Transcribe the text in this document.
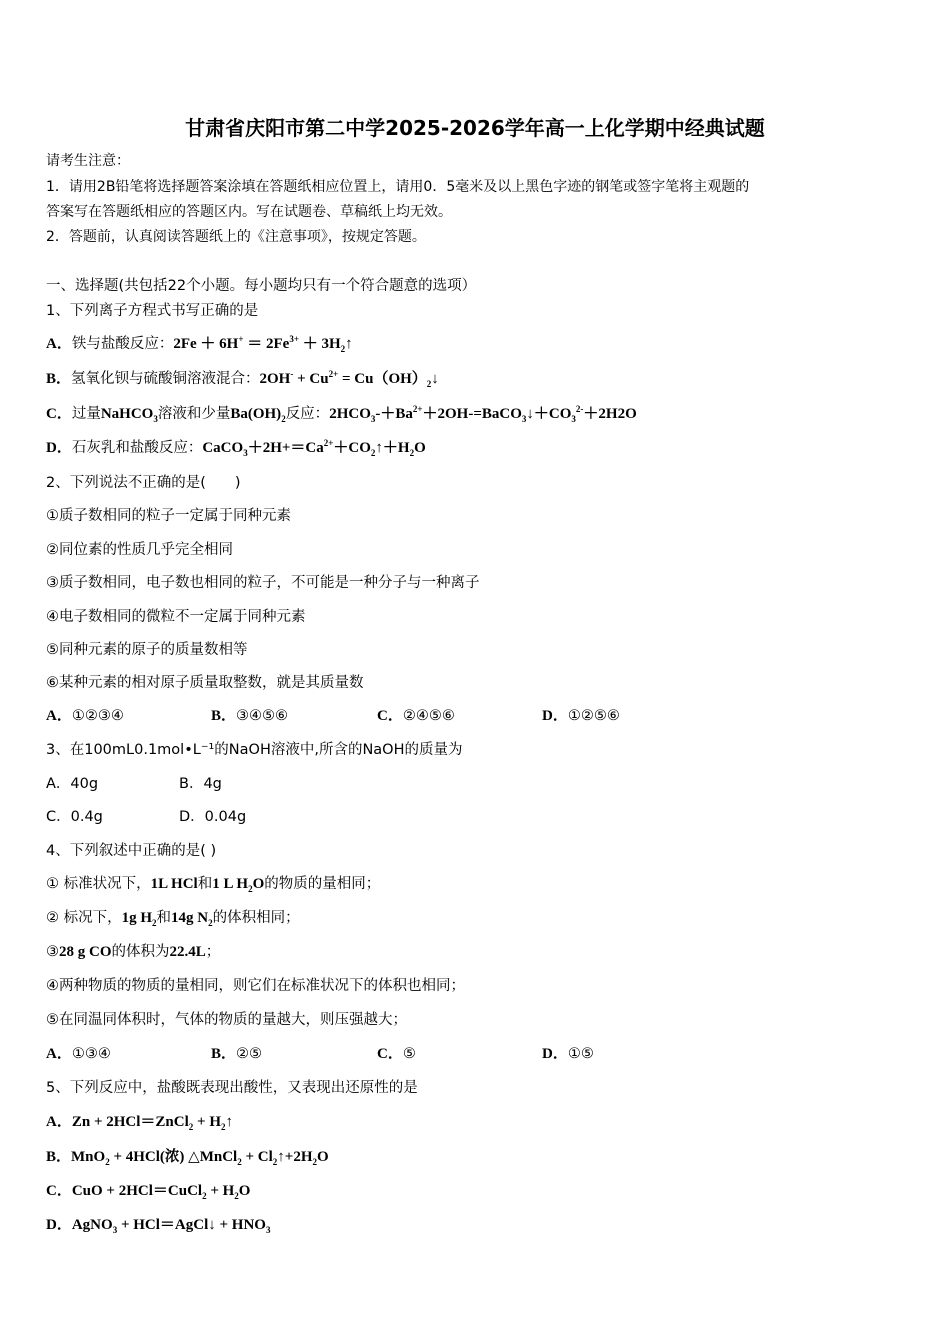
甘肃省庆阳市第二中学2025-2026学年高一上化学期中经典试题
请考生注意：
1．请用2B铅笔将选择题答案涂填在答题纸相应位置上，请用0．5毫米及以上黑色字迹的钢笔或签字笔将主观题的
答案写在答题纸相应的答题区内。写在试题卷、草稿纸上均无效。
2．答题前，认真阅读答题纸上的《注意事项》，按规定答题。
一、选择题(共包括22个小题。每小题均只有一个符合题意的选项）
1、下列离子方程式书写正确的是
A．铁与盐酸反应：$2Fe + 6H^+ = 2Fe^{3+}$ ＋ $3H_2↑$
B．氢氧化钡与硫酸铜溶液混合：$2OH^- + Cu^{2+}$ = $Cu(OH)_2↓$
C．过量NaHCO$_3$溶液和少量$Ba(OH)_2$反应：$2HCO_3-+Ba^{2+}+2OH-=BaCO_3↓+CO_3^{2-}+2H2O$
D．石灰乳和盐酸反应：$CaCO_3+2H+=Ca^{2+}+CO_2↑+H_2O$
2、下列说法不正确的是(　　)
①质子数相同的粒子一定属于同种元素
②同位素的性质几乎完全相同
③质子数相同，电子数也相同的粒子，不可能是一种分子与一种离子
④电子数相同的微粒不一定属于同种元素
⑤同种元素的原子的质量数相等
⑥某种元素的相对原子质量取整数，就是其质量数
A．①②③④	B．③④⑤⑥	C．②④⑤⑥	D．①②⑤⑥
3、在100mL0.1mol•L⁻¹的NaOH溶液中,所含的NaOH的质量为
A．40g	B．4g
C．0.4g	D．0.04g
4、下列叙述中正确的是( )
① 标准状况下，1L HCl和1 L $H_2O$的物质的量相同；
② 标况下，1g $H_2$和14g $N_2$的体积相同；
③28 g CO的体积为22.4L；
④两种物质的物质的量相同，则它们在标准状况下的体积也相同；
⑤在同温同体积时，气体的物质的量越大，则压强越大；
A．①③④	B．②⑤	C．⑤	D．①⑤
5、下列反应中，盐酸既表现出酸性，又表现出还原性的是
A．Zn + 2HCl＝ZnCl$_2$ + $H_2↑$
B．MnO$_2$ + 4HCl(浓) △MnCl$_2$ + $Cl_2↑+2H_2O$
C．CuO + 2HCl＝CuCl$_2$ + $H_2O$
D．AgNO$_3$ + HCl＝AgCl↓ + $HNO_3$
